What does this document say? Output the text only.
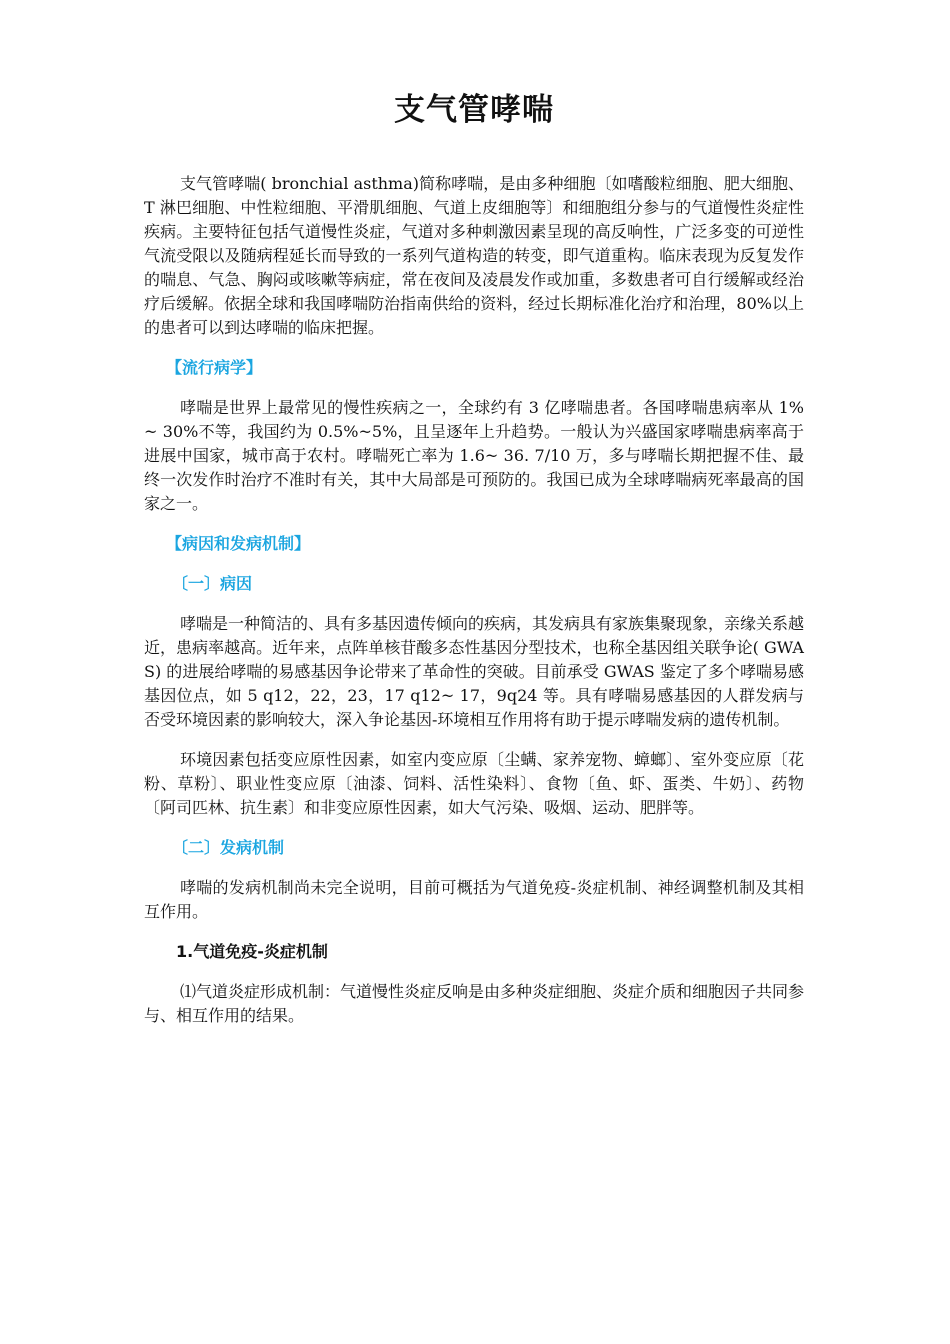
支气管哮喘

支气管哮喘( bronchial asthma)简称哮喘，是由多种细胞〔如嗜酸粒细胞、肥大细胞、T 淋巴细胞、中性粒细胞、平滑肌细胞、气道上皮细胞等〕和细胞组分参与的气道慢性炎症性疾病。主要特征包括气道慢性炎症，气道对多种刺激因素呈现的高反响性，广泛多变的可逆性气流受限以及随病程延长而导致的一系列气道构造的转变，即气道重构。临床表现为反复发作的喘息、气急、胸闷或咳嗽等病症，常在夜间及凌晨发作或加重，多数患者可自行缓解或经治疗后缓解。依据全球和我国哮喘防治指南供给的资料，经过长期标准化治疗和治理，80%以上的患者可以到达哮喘的临床把握。

【流行病学】

哮喘是世界上最常见的慢性疾病之一，全球约有 3 亿哮喘患者。各国哮喘患病率从 1%~ 30%不等，我国约为 0.5%~5%，且呈逐年上升趋势。一般认为兴盛国家哮喘患病率高于进展中国家，城市高于农村。哮喘死亡率为 1.6~ 36. 7/10 万，多与哮喘长期把握不佳、最终一次发作时治疗不准时有关，其中大局部是可预防的。我国已成为全球哮喘病死率最高的国家之一。

【病因和发病机制】
〔一〕病因

哮喘是一种简洁的、具有多基因遗传倾向的疾病，其发病具有家族集聚现象，亲缘关系越近，患病率越高。近年来，点阵单核苷酸多态性基因分型技术，也称全基因组关联争论( GWAS) 的进展给哮喘的易感基因争论带来了革命性的突破。目前承受 GWAS 鉴定了多个哮喘易感基因位点，如 5 q12，22，23，17 q12~ 17，9q24 等。具有哮喘易感基因的人群发病与否受环境因素的影响较大，深入争论基因-环境相互作用将有助于提示哮喘发病的遗传机制。

环境因素包括变应原性因素，如室内变应原〔尘螨、家养宠物、蟑螂〕、室外变应原〔花粉、草粉〕、职业性变应原〔油漆、饲料、活性染料〕、食物〔鱼、虾、蛋类、牛奶〕、药物〔阿司匹林、抗生素〕和非变应原性因素，如大气污染、吸烟、运动、肥胖等。

〔二〕发病机制

哮喘的发病机制尚未完全说明，目前可概括为气道免疫-炎症机制、神经调整机制及其相互作用。

1.气道免疫-炎症机制

⑴气道炎症形成机制：气道慢性炎症反响是由多种炎症细胞、炎症介质和细胞因子共同参与、相互作用的结果。
